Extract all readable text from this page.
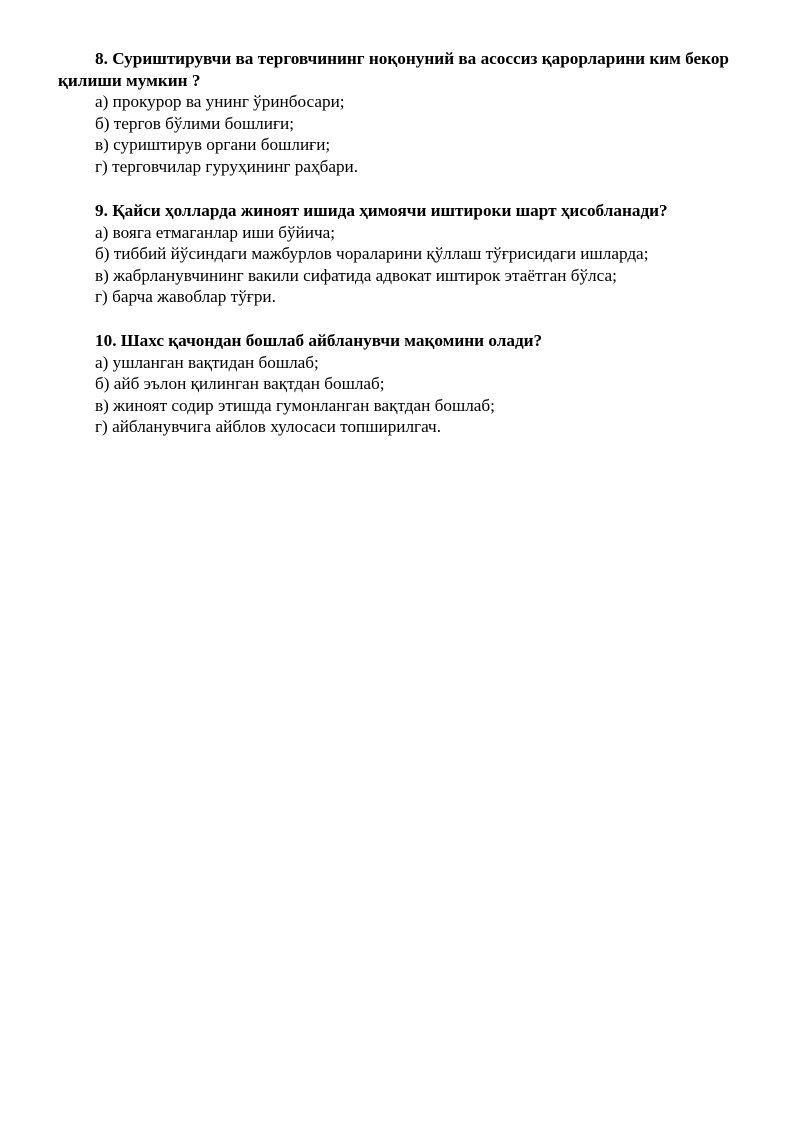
8. Суриштирувчи ва терговчининг ноқонуний ва асоссиз қарорларини ким бекор қилиши мумкин ?

а) прокурор ва унинг ўринбосари;
б) тергов бўлими бошлиғи;
в) суриштирув органи бошлиғи;
г) терговчилар гуруҳининг раҳбари.

9. Қайси ҳолларда жиноят ишида ҳимоячи иштироки шарт ҳисобланади?

а) вояга етмаганлар иши бўйича;
б) тиббий йўсиндаги мажбурлов чораларини қўллаш тўғрисидаги ишларда;
в) жабрланувчининг вакили сифатида адвокат иштирок этаётган бўлса;
г) барча жавоблар тўғри.

10. Шахс қачондан бошлаб айбланувчи мақомини олади?

а) ушланган вақтидан бошлаб;
б) айб эълон қилинган вақтдан бошлаб;
в) жиноят содир этишда гумонланган вақтдан бошлаб;
г) айбланувчига айблов хулосаси топширилгач.
